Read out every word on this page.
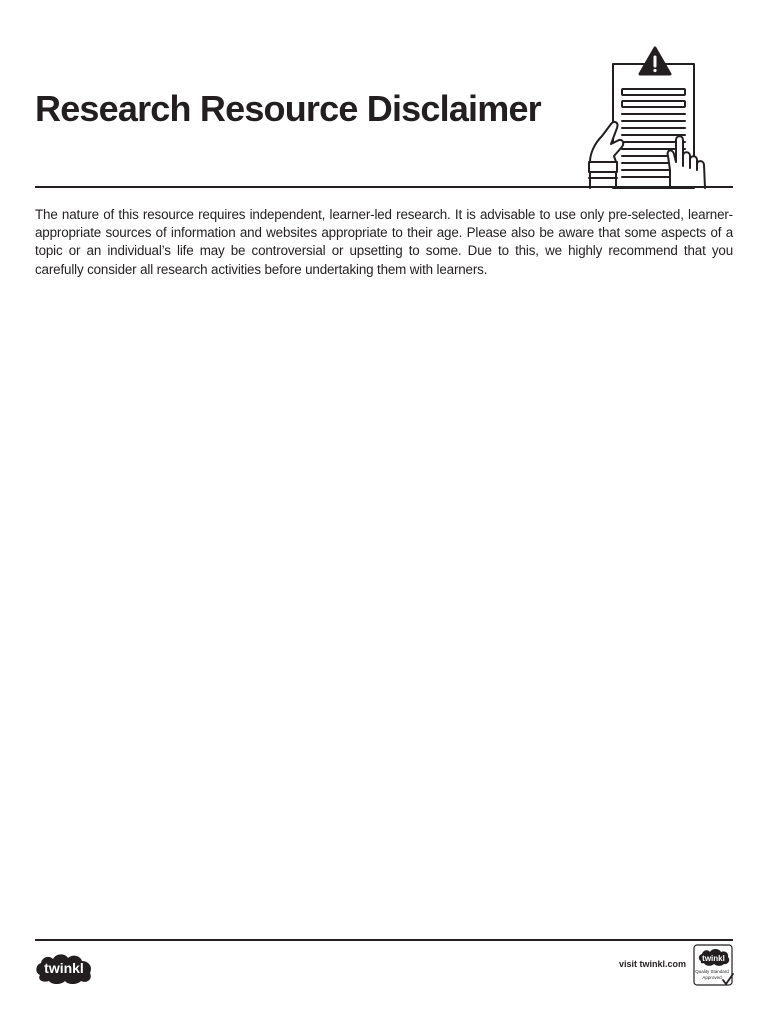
Research Resource Disclaimer

The nature of this resource requires independent, learner-led research. It is advisable to use only pre-selected, learner-appropriate sources of information and websites appropriate to their age. Please also be aware that some aspects of a topic or an individual’s life may be controversial or upsetting to some. Due to this, we highly recommend that you carefully consider all research activities before undertaking them with learners.

twinkl	visit twinkl.com
twinkl
Quality Standard
Approved
